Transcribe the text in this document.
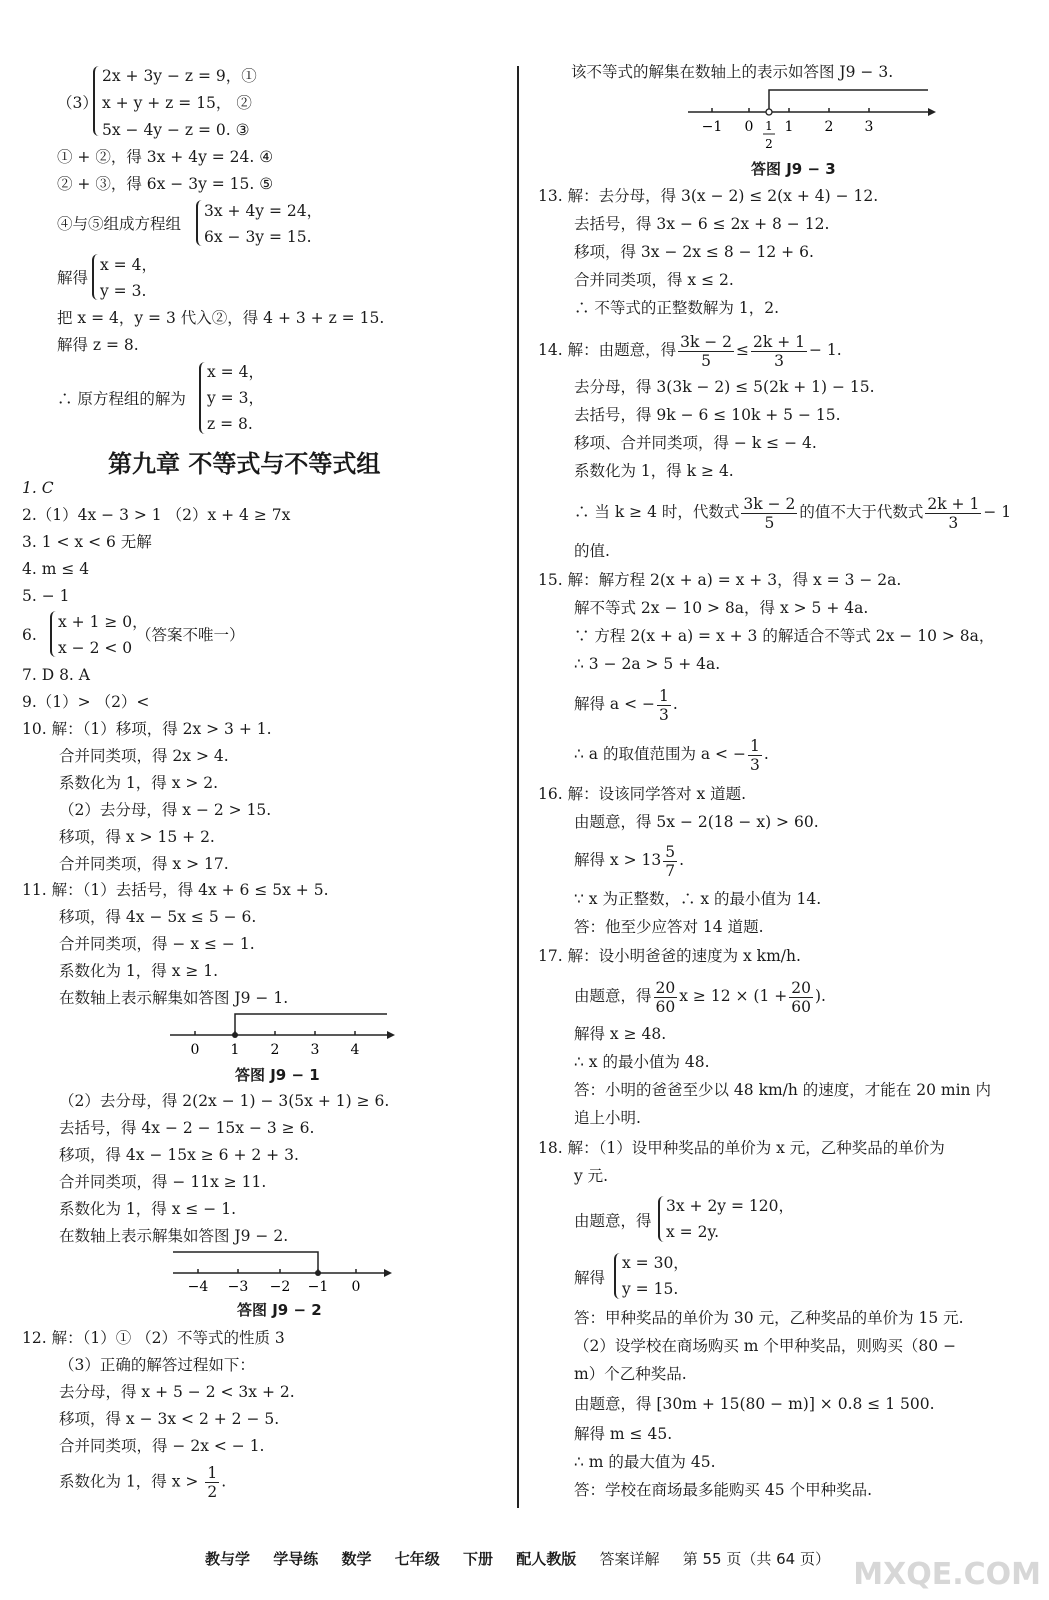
（3）
2x + 3y − z = 9，①
x + y + z = 15， ②
5x − 4y − z = 0. ③
① + ②，得 3x + 4y = 24. ④
② + ③，得 6x − 3y = 15. ⑤
④与⑤组成方程组
3x + 4y = 24，
6x − 3y = 15.
解得
x = 4，
y = 3.
把 x = 4，y = 3 代入②，得 4 + 3 + z = 15.
解得 z = 8.
∴ 原方程组的解为
x = 4，
y = 3，
z = 8.
第九章 不等式与不等式组
1. C
2.（1）4x − 3 > 1 （2）x + 4 ≥ 7x
3. 1 < x < 6 无解
4. m ≤ 4
5. − 1
6.
x + 1 ≥ 0，
x − 2 < 0
（答案不唯一）
7. D 8. A
9.（1）> （2）<
10. 解：（1）移项，得 2x > 3 + 1.
合并同类项，得 2x > 4.
系数化为 1，得 x > 2.
（2）去分母，得 x − 2 > 15.
移项，得 x > 15 + 2.
合并同类项，得 x > 17.
11. 解：（1）去括号，得 4x + 6 ≤ 5x + 5.
移项，得 4x − 5x ≤ 5 − 6.
合并同类项，得 − x ≤ − 1.
系数化为 1，得 x ≥ 1.
在数轴上表示解集如答图 J9 − 1.
0 1 2 3 4
答图 J9 − 1
（2）去分母，得 2(2x − 1) − 3(5x + 1) ≥ 6.
去括号，得 4x − 2 − 15x − 3 ≥ 6.
移项，得 4x − 15x ≥ 6 + 2 + 3.
合并同类项，得 − 11x ≥ 11.
系数化为 1，得 x ≤ − 1.
在数轴上表示解集如答图 J9 − 2.
−4 −3 −2 −1 0
答图 J9 − 2
12. 解：（1）① （2）不等式的性质 3
（3）正确的解答过程如下：
去分母，得 x + 5 − 2 < 3x + 2.
移项，得 x − 3x < 2 + 2 − 5.
合并同类项，得 − 2x < − 1.
系数化为 1，得 $x > \frac{1}{2}$ .
该不等式的解集在数轴上的表示如答图 J9 − 3.
−1 0 1
2
1 2 3
答图 J9 − 3
13. 解：去分母，得 3(x − 2) ≤ 2(x + 4) − 12.
去括号，得 3x − 6 ≤ 2x + 8 − 12.
移项，得 3x − 2x ≤ 8 − 12 + 6.
合并同类项，得 x ≤ 2.
∴ 不等式的正整数解为 1，2.
14. 解：由题意，得 $\frac{3k - 2}{5} \le \frac{2k + 1}{3} - 1$.
去分母，得 3(3k − 2) ≤ 5(2k + 1) − 15.
去括号，得 9k − 6 ≤ 10k + 5 − 15.
移项、合并同类项，得 − k ≤ − 4.
系数化为 1，得 k ≥ 4.
∴ 当 k ≥ 4 时，代数式 $\frac{3k - 2}{5}$ 的值不大于代数式 $\frac{2k + 1}{3} - 1$
的值.
15. 解：解方程 2(x + a) = x + 3，得 x = 3 − 2a.
解不等式 2x − 10 > 8a，得 x > 5 + 4a.
∵ 方程 2(x + a) = x + 3 的解适合不等式 2x − 10 > 8a，
∴ 3 − 2a > 5 + 4a.
解得 a < − $\frac{1}{3}$ .
∴ a 的取值范围为 a < − $\frac{1}{3}$ .
16. 解：设该同学答对 x 道题.
由题意，得 5x − 2(18 − x) > 60.
解得 $x > 13 \frac{5}{7}$ .
∵ x 为正整数，∴ x 的最小值为 14.
答：他至少应答对 14 道题.
17. 解：设小明爸爸的速度为 x km/h.
由题意，得 $\frac{20}{60}$ $x \ge 12 \times (1 + \frac{20}{60}$ ).
解得 x ≥ 48.
∴ x 的最小值为 48.
答：小明的爸爸至少以 48 km/h 的速度，才能在 20 min 内
追上小明.
18. 解：（1）设甲种奖品的单价为 x 元，乙种奖品的单价为
y 元.
由题意，得
3x + 2y = 120，
x = 2y.
解得
x = 30，
y = 15.
答：甲种奖品的单价为 30 元，乙种奖品的单价为 15 元.
（2）设学校在商场购买 m 个甲种奖品，则购买（80 −
m）个乙种奖品.
由题意，得 [30m + 15(80 − m)] × 0.8 ≤ 1 500.
解得 m ≤ 45.
∴ m 的最大值为 45.
答：学校在商场最多能购买 45 个甲种奖品.
教与学 学导练 数学 七年级 下册 配人教版 答案详解 第 55 页（共 64 页） MXQE.COM
